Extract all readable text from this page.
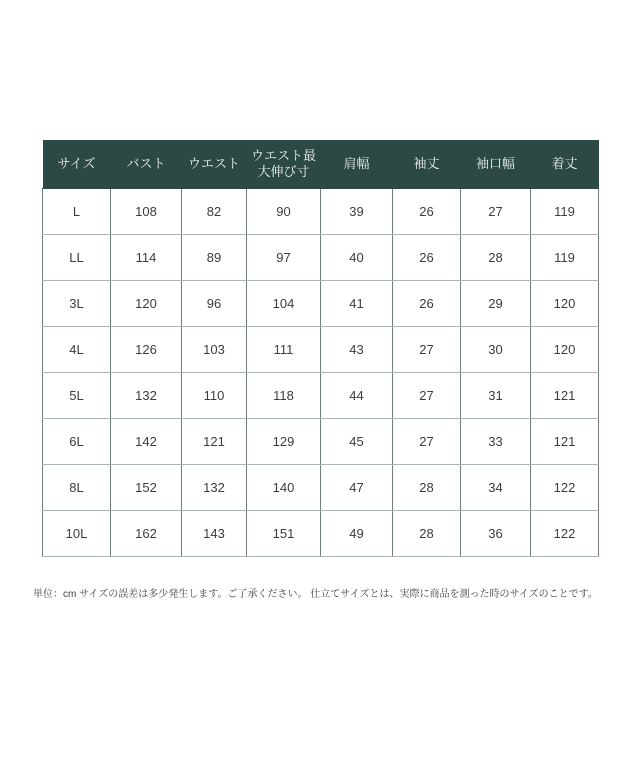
サイズ	バスト	ウエスト	ウエスト最大伸び寸	肩幅	袖丈	袖口幅	着丈
L	108	82	90	39	26	27	119
LL	114	89	97	40	26	28	119
3L	120	96	104	41	26	29	120
4L	126	103	111	43	27	30	120
5L	132	110	118	44	27	31	121
6L	142	121	129	45	27	33	121
8L	152	132	140	47	28	34	122
10L	162	143	151	49	28	36	122

単位：cm サイズの誤差は多少発生します。ご了承ください。 仕立てサイズとは、実際に商品を測った時のサイズのことです。
